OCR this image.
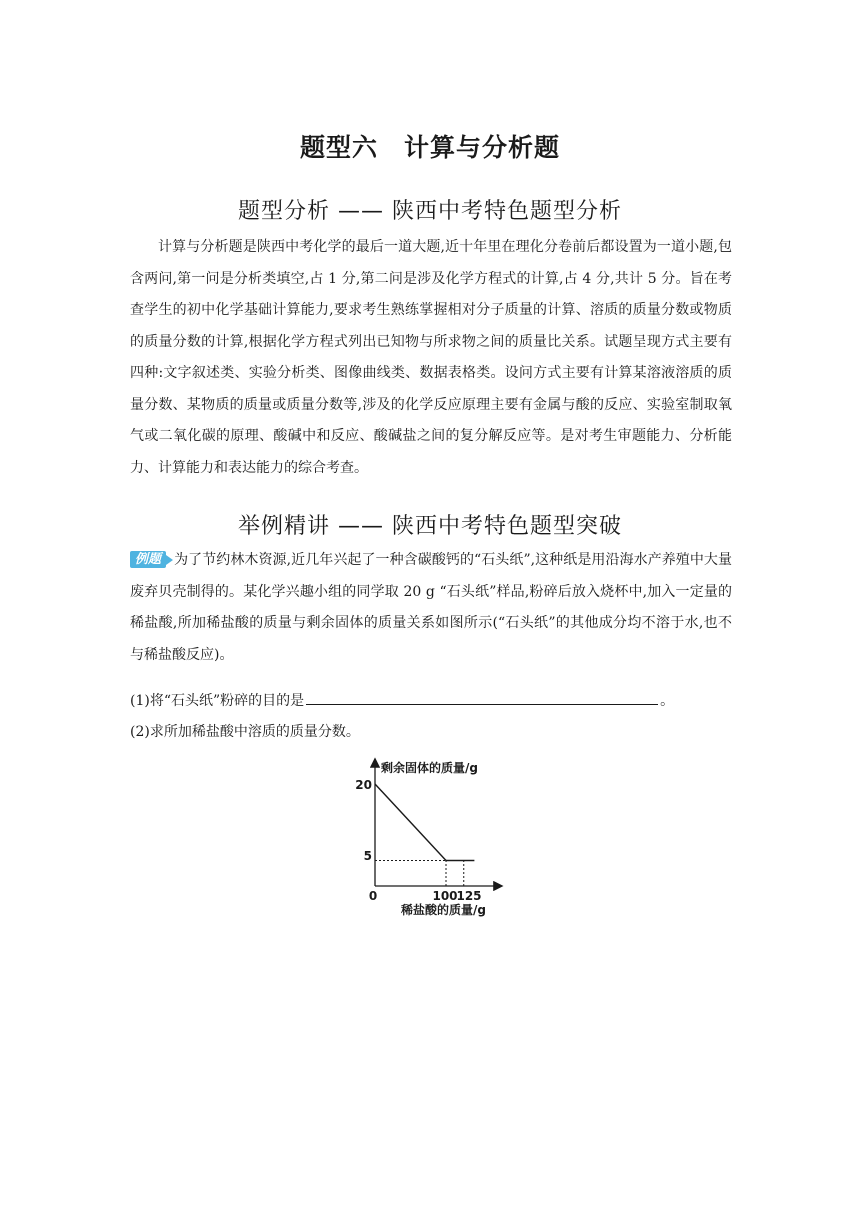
题型六　计算与分析题
题型分析 —— 陕西中考特色题型分析
计算与分析题是陕西中考化学的最后一道大题,近十年里在理化分卷前后都设置为一道小题,包含两问,第一问是分析类填空,占 1 分,第二问是涉及化学方程式的计算,占 4 分,共计 5 分。旨在考查学生的初中化学基础计算能力,要求考生熟练掌握相对分子质量的计算、溶质的质量分数或物质的质量分数的计算,根据化学方程式列出已知物与所求物之间的质量比关系。试题呈现方式主要有四种:文字叙述类、实验分析类、图像曲线类、数据表格类。设问方式主要有计算某溶液溶质的质量分数、某物质的质量或质量分数等,涉及的化学反应原理主要有金属与酸的反应、实验室制取氧气或二氧化碳的原理、酸碱中和反应、酸碱盐之间的复分解反应等。是对考生审题能力、分析能力、计算能力和表达能力的综合考查。
举例精讲 —— 陕西中考特色题型突破
例题 为了节约林木资源,近几年兴起了一种含碳酸钙的“石头纸”,这种纸是用沿海水产养殖中大量废弃贝壳制得的。某化学兴趣小组的同学取 20 g “石头纸”样品,粉碎后放入烧杯中,加入一定量的稀盐酸,所加稀盐酸的质量与剩余固体的质量关系如图所示(“石头纸”的其他成分均不溶于水,也不与稀盐酸反应)。
(1)将“石头纸”粉碎的目的是	。
(2)求所加稀盐酸中溶质的质量分数。
剩余固体的质量/g
稀盐酸的质量/g
0	100
125
20
5
